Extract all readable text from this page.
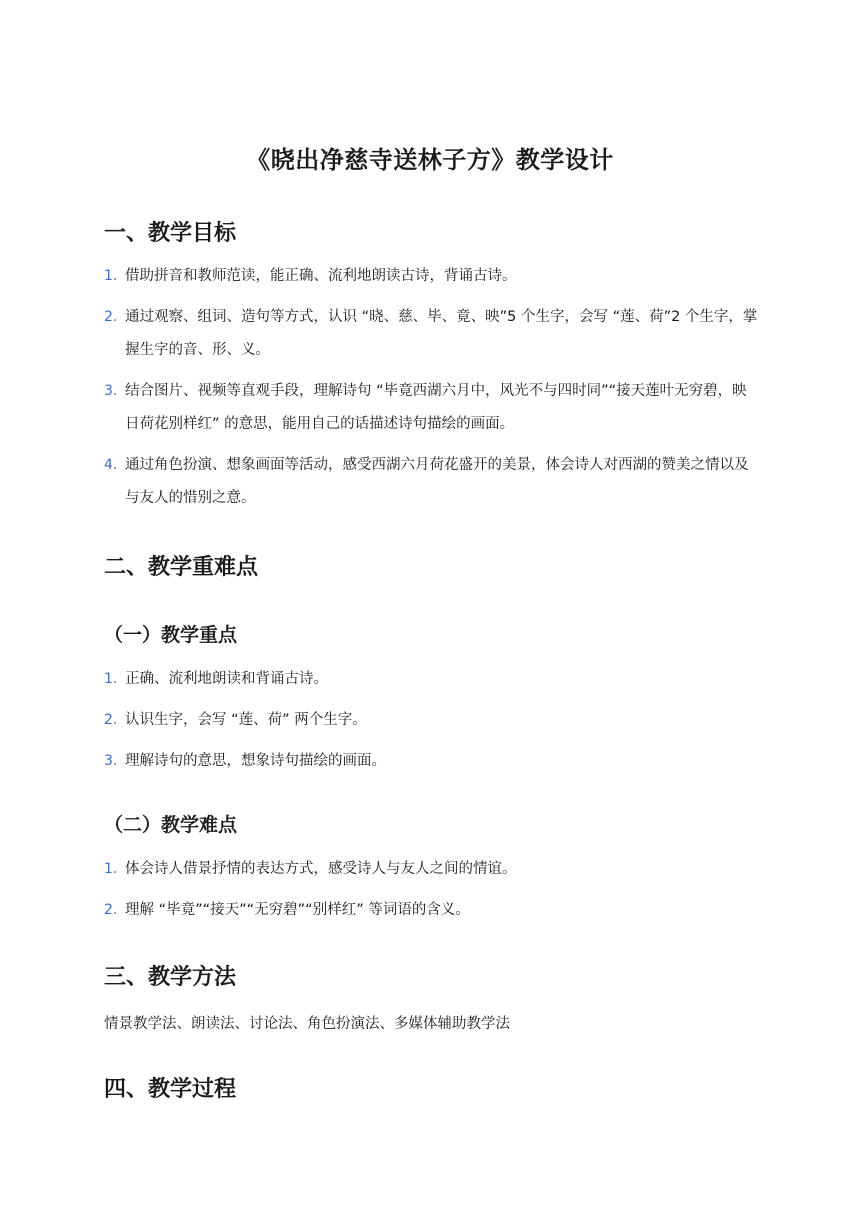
《晓出净慈寺送林子方》教学设计
一、教学目标
1. 借助拼音和教师范读，能正确、流利地朗读古诗，背诵古诗。
2. 通过观察、组词、造句等方式，认识 “晓、慈、毕、竟、映”5 个生字，会写 “莲、荷”2 个生字，掌握生字的音、形、义。
3. 结合图片、视频等直观手段，理解诗句 “毕竟西湖六月中，风光不与四时同”“接天莲叶无穷碧，映日荷花别样红” 的意思，能用自己的话描述诗句描绘的画面。
4. 通过角色扮演、想象画面等活动，感受西湖六月荷花盛开的美景，体会诗人对西湖的赞美之情以及与友人的惜别之意。
二、教学重难点
（一）教学重点
1. 正确、流利地朗读和背诵古诗。
2. 认识生字，会写 “莲、荷” 两个生字。
3. 理解诗句的意思，想象诗句描绘的画面。
（二）教学难点
1. 体会诗人借景抒情的表达方式，感受诗人与友人之间的情谊。
2. 理解 “毕竟”“接天”“无穷碧”“别样红” 等词语的含义。
三、教学方法

情景教学法、朗读法、讨论法、角色扮演法、多媒体辅助教学法

四、教学过程
